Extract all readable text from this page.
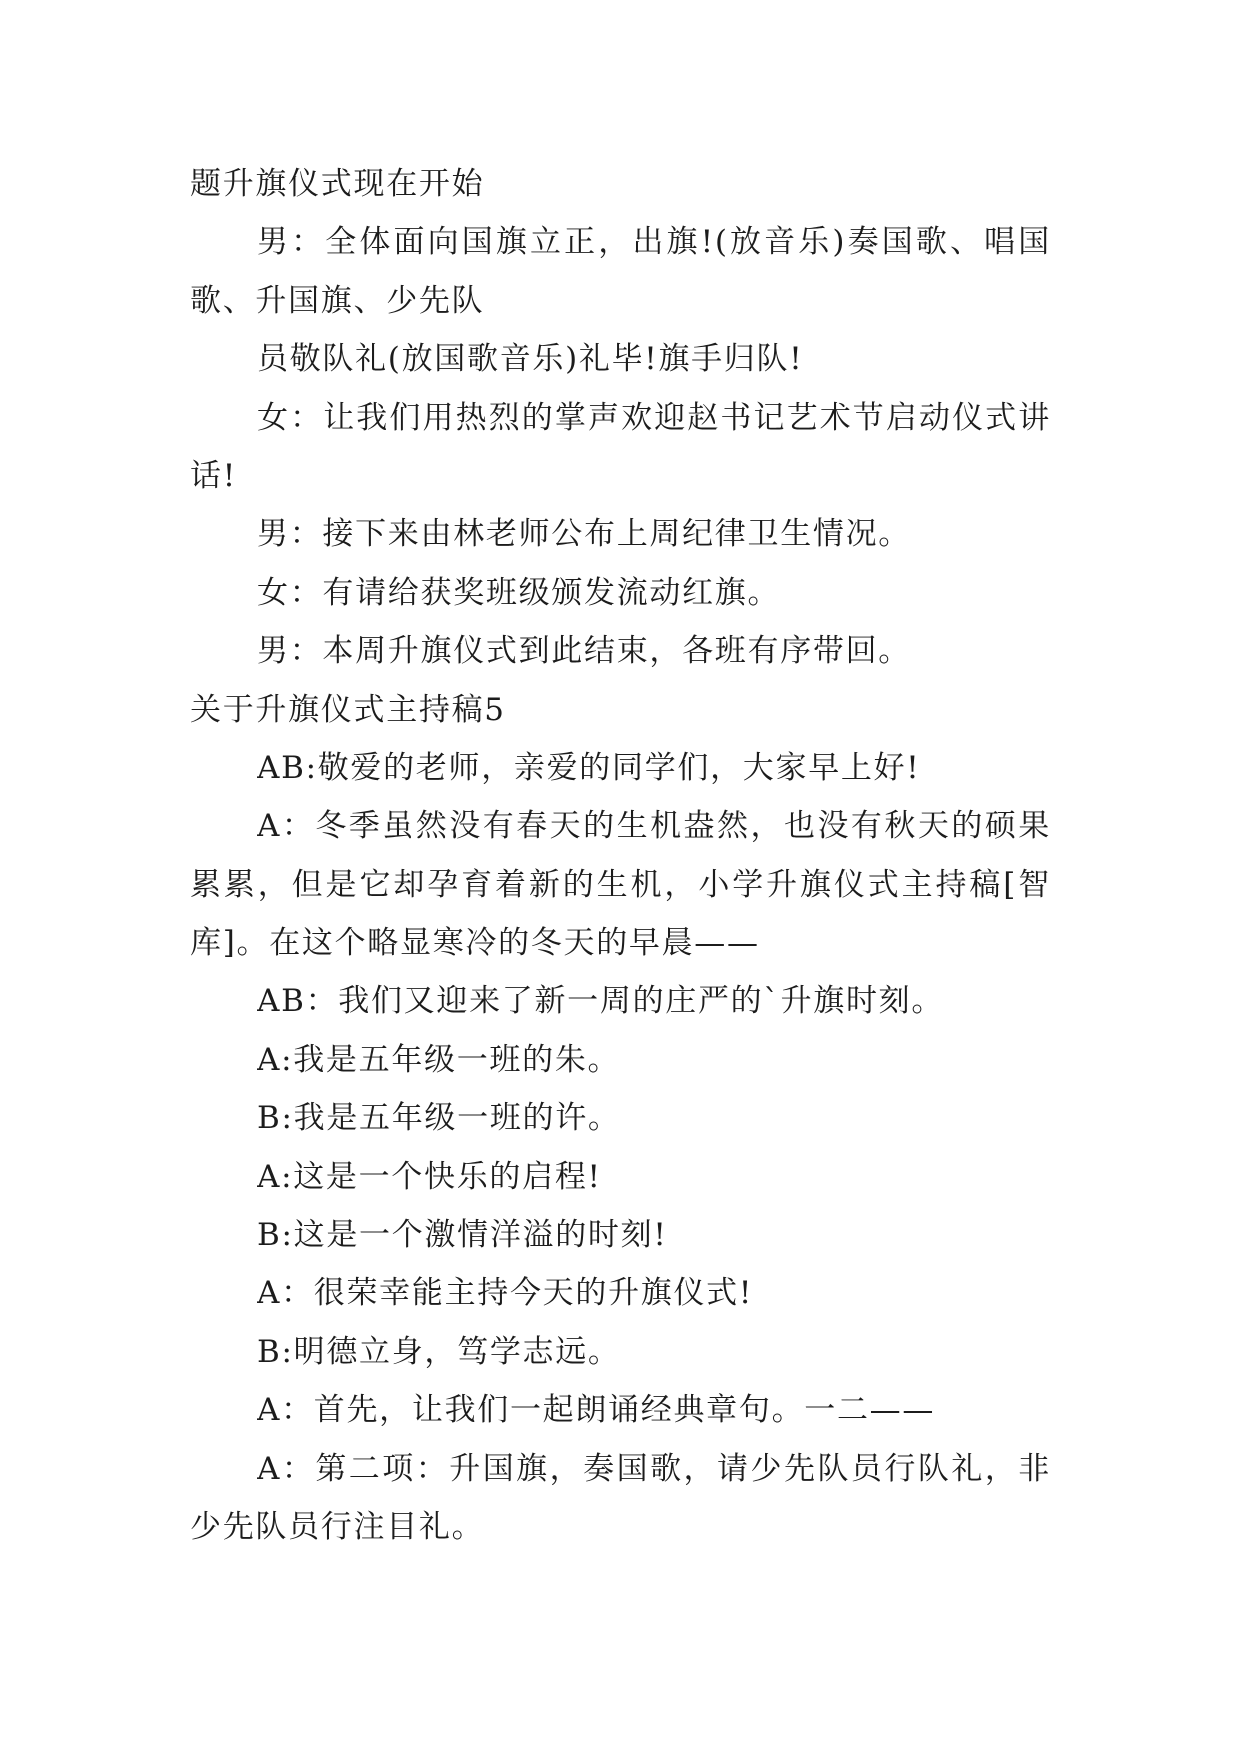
题升旗仪式现在开始
男：全体面向国旗立正，出旗!(放音乐)奏国歌、唱国
歌、升国旗、少先队
员敬队礼(放国歌音乐)礼毕!旗手归队!
女：让我们用热烈的掌声欢迎赵书记艺术节启动仪式讲
话!
男：接下来由林老师公布上周纪律卫生情况。
女：有请给获奖班级颁发流动红旗。
男：本周升旗仪式到此结束，各班有序带回。
关于升旗仪式主持稿5
AB:敬爱的老师，亲爱的同学们，大家早上好!
A：冬季虽然没有春天的生机盎然，也没有秋天的硕果
累累，但是它却孕育着新的生机，小学升旗仪式主持稿[智
库]。在这个略显寒冷的冬天的早晨——
AB：我们又迎来了新一周的庄严的`升旗时刻。
A:我是五年级一班的朱。
B:我是五年级一班的许。
A:这是一个快乐的启程!
B:这是一个激情洋溢的时刻!
A：很荣幸能主持今天的升旗仪式!
B:明德立身，笃学志远。
A：首先，让我们一起朗诵经典章句。一二——
A：第二项：升国旗，奏国歌，请少先队员行队礼，非
少先队员行注目礼。
